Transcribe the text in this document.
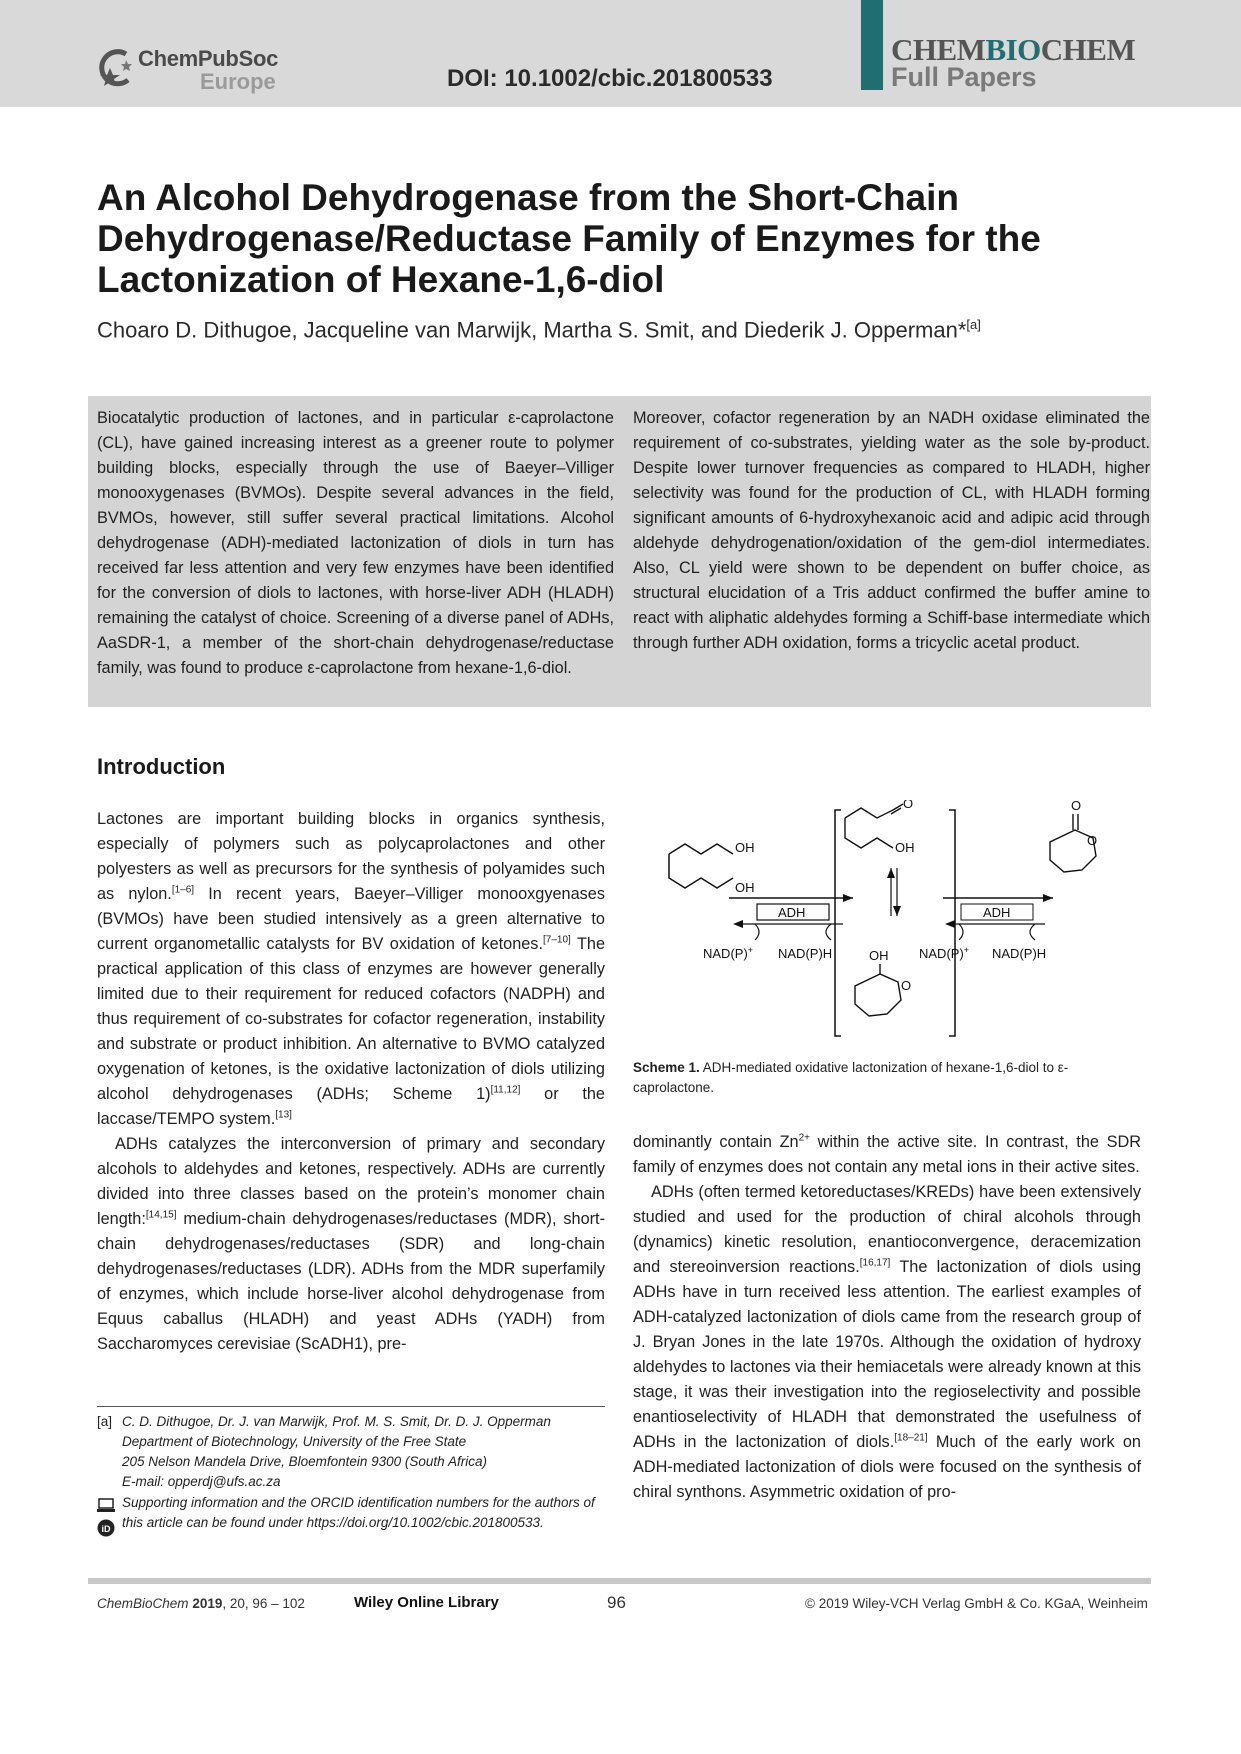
ChemPubSoc
Europe	DOI: 10.1002/cbic.201800533
CHEMBIOCHEM
Full Papers
An Alcohol Dehydrogenase from the Short-Chain Dehydrogenase/Reductase Family of Enzymes for the Lactonization of Hexane-1,6-diol

Choaro D. Dithugoe, Jacqueline van Marwijk, Martha S. Smit, and Diederik J. Opperman*[a]

Biocatalytic production of lactones, and in particular ε-caprolactone (CL), have gained increasing interest as a greener route to polymer building blocks, especially through the use of Baeyer–Villiger monooxygenases (BVMOs). Despite several advances in the field, BVMOs, however, still suffer several practical limitations. Alcohol dehydrogenase (ADH)-mediated lactonization of diols in turn has received far less attention and very few enzymes have been identified for the conversion of diols to lactones, with horse-liver ADH (HLADH) remaining the catalyst of choice. Screening of a diverse panel of ADHs, AaSDR-1, a member of the short-chain dehydrogenase/reductase family, was found to produce ε-caprolactone from hexane-1,6-diol.

Moreover, cofactor regeneration by an NADH oxidase eliminated the requirement of co-substrates, yielding water as the sole by-product. Despite lower turnover frequencies as compared to HLADH, higher selectivity was found for the production of CL, with HLADH forming significant amounts of 6-hydroxyhexanoic acid and adipic acid through aldehyde dehydrogenation/oxidation of the gem-diol intermediates. Also, CL yield were shown to be dependent on buffer choice, as structural elucidation of a Tris adduct confirmed the buffer amine to react with aliphatic aldehydes forming a Schiff-base intermediate which through further ADH oxidation, forms a tricyclic acetal product.

Introduction

Lactones are important building blocks in organics synthesis, especially of polymers such as polycaprolactones and other polyesters as well as precursors for the synthesis of polyamides such as nylon.[1–6] In recent years, Baeyer–Villiger monooxgyenases (BVMOs) have been studied intensively as a green alternative to current organometallic catalysts for BV oxidation of ketones.[7–10] The practical application of this class of enzymes are however generally limited due to their requirement for reduced cofactors (NADPH) and thus requirement of co-substrates for cofactor regeneration, instability and substrate or product inhibition. An alternative to BVMO catalyzed oxygenation of ketones, is the oxidative lactonization of diols utilizing alcohol dehydrogenases (ADHs; Scheme 1)[11,12] or the laccase/TEMPO system.[13]

ADHs catalyzes the interconversion of primary and secondary alcohols to aldehydes and ketones, respectively. ADHs are currently divided into three classes based on the protein’s monomer chain length:[14,15] medium-chain dehydrogenases/reductases (MDR), short-chain dehydrogenases/reductases (SDR) and long-chain dehydrogenases/reductases (LDR). ADHs from the MDR superfamily of enzymes, which include horse-liver alcohol dehydrogenase from Equus caballus (HLADH) and yeast ADHs (YADH) from Saccharomyces cerevisiae (ScADH1), pre-

OH
OH
ADH
NAD(P)+ NAD(P)H
O
OH
OH
O
ADH
NAD(P)+ NAD(P)H
O
O

Scheme 1. ADH-mediated oxidative lactonization of hexane-1,6-diol to ε-caprolactone.

dominantly contain $Zn^{2+}$ within the active site. In contrast, the SDR family of enzymes does not contain any metal ions in their active sites.

ADHs (often termed ketoreductases/KREDs) have been extensively studied and used for the production of chiral alcohols through (dynamics) kinetic resolution, enantioconvergence, deracemization and stereoinversion reactions.[16,17] The lactonization of diols using ADHs have in turn received less attention. The earliest examples of ADH-catalyzed lactonization of diols came from the research group of J. Bryan Jones in the late 1970s. Although the oxidation of hydroxy aldehydes to lactones via their hemiacetals were already known at this stage, it was their investigation into the regioselectivity and possible enantioselectivity of HLADH that demonstrated the usefulness of ADHs in the lactonization of diols.[18–21] Much of the early work on ADH-mediated lactonization of diols were focused on the synthesis of chiral synthons. Asymmetric oxidation of pro-

[a] C. D. Dithugoe, Dr. J. van Marwijk, Prof. M. S. Smit, Dr. D. J. Opperman
Department of Biotechnology, University of the Free State
205 Nelson Mandela Drive, Bloemfontein 9300 (South Africa)
E-mail: opperdj@ufs.ac.za
iD
Supporting information and the ORCID identification numbers for the authors of this article can be found under https://doi.org/10.1002/cbic.201800533.
ChemBioChem 2019, 20, 96 – 102	Wiley Online Library	96	© 2019 Wiley-VCH Verlag GmbH & Co. KGaA, Weinheim
